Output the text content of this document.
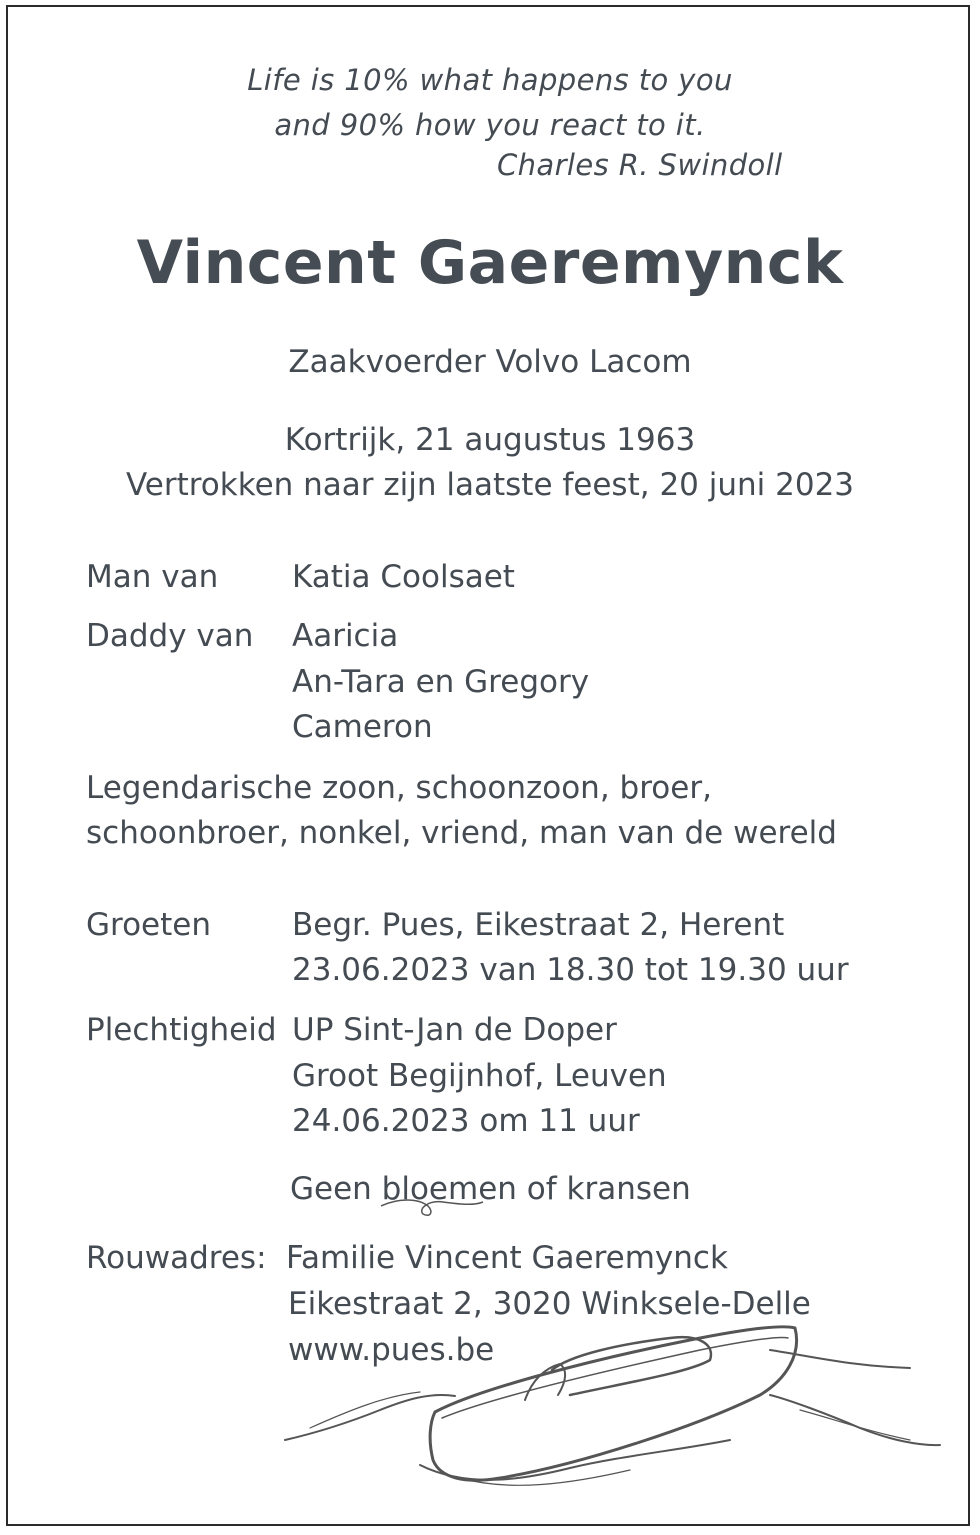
Life is 10% what happens to you
and 90% how you react to it.
Charles R. Swindoll
Vincent Gaeremynck
Zaakvoerder Volvo Lacom
Kortrijk, 21 augustus 1963
Vertrokken naar zijn laatste feest, 20 juni 2023
Man van Katia Coolsaet
Daddy van Aaricia
An-Tara en Gregory
Cameron
Legendarische zoon, schoonzoon, broer,
schoonbroer, nonkel, vriend, man van de wereld
Groeten	Begr. Pues, Eikestraat 2, Herent
23.06.2023 van 18.30 tot 19.30 uur
Plechtigheid UP Sint-Jan de Doper
Groot Begijnhof, Leuven
24.06.2023 om 11 uur
Geen bloemen of kransen
Rouwadres: Familie Vincent Gaeremynck
Eikestraat 2, 3020 Winksele-Delle
www.pues.be
